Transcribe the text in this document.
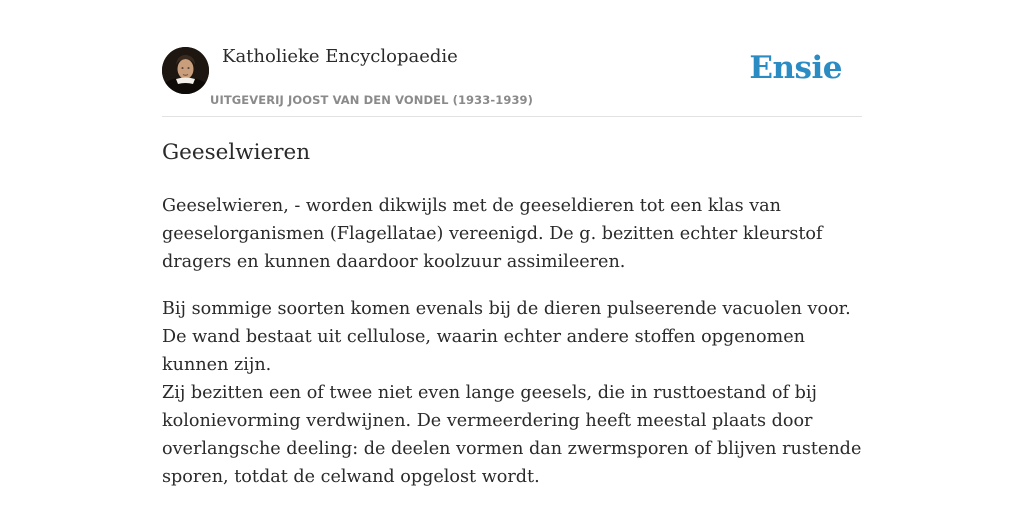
Katholieke Encyclopaedie
UITGEVERIJ JOOST VAN DEN VONDEL (1933-1939)
Ensie
Geeselwieren

Geeselwieren, - worden dikwijls met de geeseldieren tot een klas van geeselorganismen (Flagellatae) vereenigd. De g. bezitten echter kleurstof dragers en kunnen daardoor koolzuur assimileeren.

Bij sommige soorten komen evenals bij de dieren pulseerende vacuolen voor. De wand bestaat uit cellulose, waarin echter andere stoffen opgenomen kunnen zijn.

Zij bezitten een of twee niet even lange geesels, die in rusttoestand of bij kolonievorming verdwijnen. De vermeerdering heeft meestal plaats door overlangsche deeling: de deelen vormen dan zwermsporen of blijven rustende sporen, totdat de celwand opgelost wordt.
